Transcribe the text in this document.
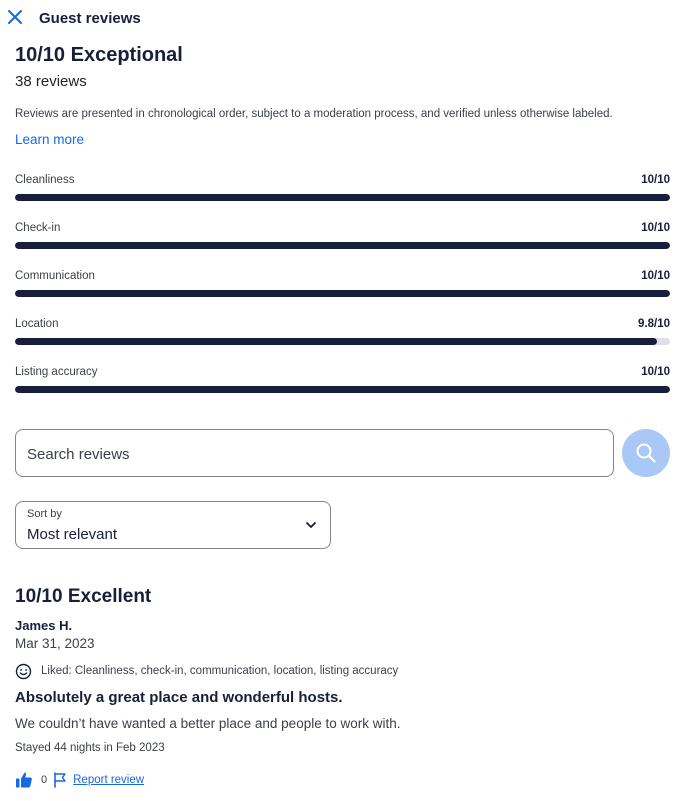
Guest reviews
10/10 Exceptional
38 reviews
Reviews are presented in chronological order, subject to a moderation process, and verified unless otherwise labeled.
Learn more
Cleanliness	10/10
Check-in	10/10
Communication	10/10
Location	9.8/10
Listing accuracy	10/10
Search reviews
Sort by
Most relevant
10/10 Excellent
James H.
Mar 31, 2023
Liked: Cleanliness, check-in, communication, location, listing accuracy
Absolutely a great place and wonderful hosts.
We couldn’t have wanted a better place and people to work with.
Stayed 44 nights in Feb 2023
0 Report review
